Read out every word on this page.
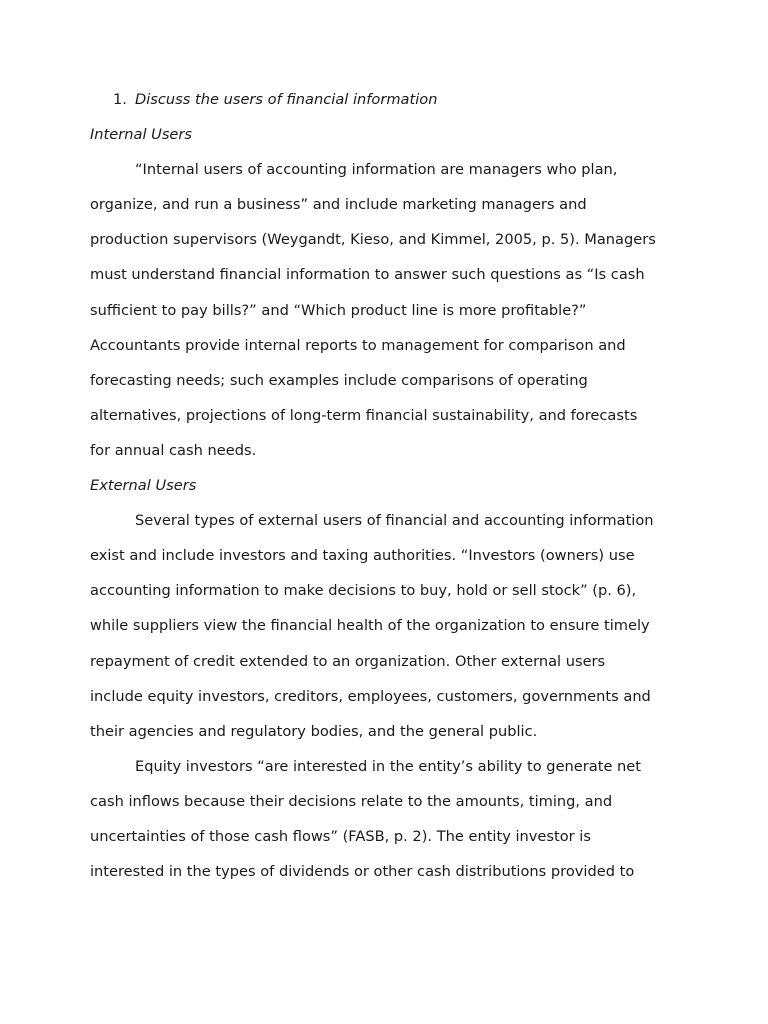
1. Discuss the users of financial information
Internal Users
“Internal users of accounting information are managers who plan,
organize, and run a business” and include marketing managers and
production supervisors (Weygandt, Kieso, and Kimmel, 2005, p. 5). Managers
must understand financial information to answer such questions as “Is cash
sufficient to pay bills?” and “Which product line is more profitable?”
Accountants provide internal reports to management for comparison and
forecasting needs; such examples include comparisons of operating
alternatives, projections of long-term financial sustainability, and forecasts
for annual cash needs.
External Users
Several types of external users of financial and accounting information
exist and include investors and taxing authorities. “Investors (owners) use
accounting information to make decisions to buy, hold or sell stock” (p. 6),
while suppliers view the financial health of the organization to ensure timely
repayment of credit extended to an organization. Other external users
include equity investors, creditors, employees, customers, governments and
their agencies and regulatory bodies, and the general public.
Equity investors “are interested in the entity’s ability to generate net
cash inflows because their decisions relate to the amounts, timing, and
uncertainties of those cash flows” (FASB, p. 2). The entity investor is
interested in the types of dividends or other cash distributions provided to
